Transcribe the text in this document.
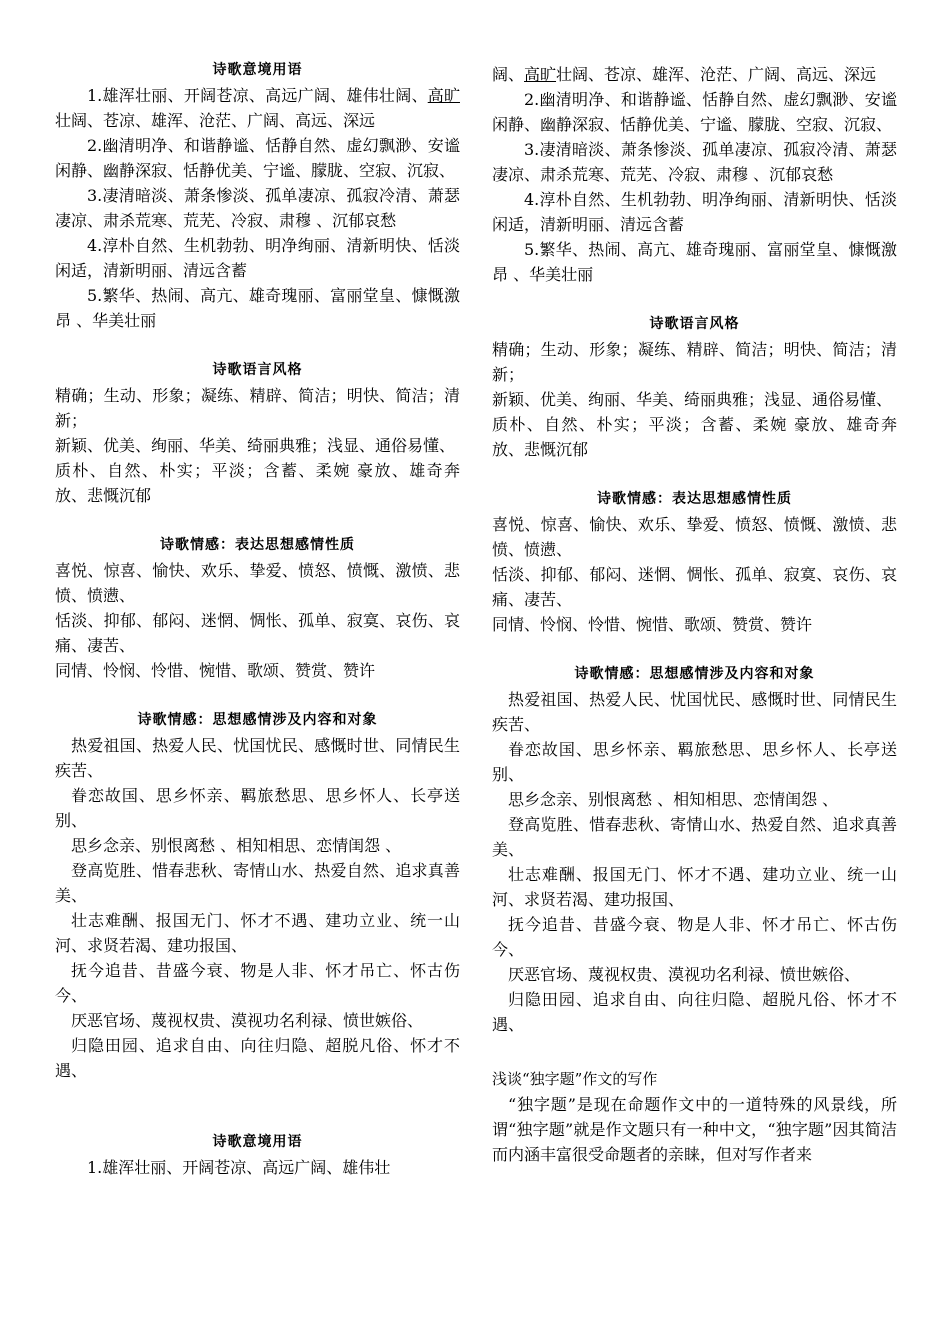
诗歌意境用语

1.雄浑壮丽、开阔苍凉、高远广阔、雄伟壮阔、高旷壮阔、苍凉、雄浑、沧茫、广阔、高远、深远

2.幽清明净、和谐静谧、恬静自然、虚幻飘渺、安谧闲静、幽静深寂、恬静优美、宁谧、朦胧、空寂、沉寂、

3.凄清暗淡、萧条惨淡、孤单凄凉、孤寂冷清、萧瑟凄凉、肃杀荒寒、荒芜、冷寂、肃穆 、沉郁哀愁

4.淳朴自然、生机勃勃、明净绚丽、清新明快、恬淡闲适，清新明丽、清远含蓄

5.繁华、热闹、高亢、雄奇瑰丽、富丽堂皇、慷慨激昂 、华美壮丽

诗歌语言风格

精确；生动、形象；凝练、精辟、简洁；明快、简洁；清新；

新颖、优美、绚丽、华美、绮丽典雅；浅显、通俗易懂、

质朴、自然、朴实；平淡；含蓄、柔婉 豪放、雄奇奔放、悲慨沉郁

诗歌情感：表达思想感情性质

喜悦、惊喜、愉快、欢乐、挚爱、愤怒、愤慨、激愤、悲愤、愤懑、

恬淡、抑郁、郁闷、迷惘、惆怅、孤单、寂寞、哀伤、哀痛、凄苦、

同情、怜悯、怜惜、惋惜、歌颂、赞赏、赞许

诗歌情感：思想感情涉及内容和对象

热爱祖国、热爱人民、忧国忧民、感慨时世、同情民生疾苦、

眷恋故国、思乡怀亲、羁旅愁思、思乡怀人、长亭送别、

思乡念亲、别恨离愁 、相知相思、恋情闺怨 、

登高览胜、惜春悲秋、寄情山水、热爱自然、追求真善美、

壮志难酬、报国无门、怀才不遇、建功立业、统一山河、求贤若渴、建功报国、

抚今追昔、昔盛今衰、物是人非、怀才吊亡、怀古伤今、

厌恶官场、蔑视权贵、漠视功名利禄、愤世嫉俗、

归隐田园、追求自由、向往归隐、超脱凡俗、怀才不遇、

诗歌意境用语

1.雄浑壮丽、开阔苍凉、高远广阔、雄伟壮

阔、高旷壮阔、苍凉、雄浑、沧茫、广阔、高远、深远

2.幽清明净、和谐静谧、恬静自然、虚幻飘渺、安谧闲静、幽静深寂、恬静优美、宁谧、朦胧、空寂、沉寂、

3.凄清暗淡、萧条惨淡、孤单凄凉、孤寂冷清、萧瑟凄凉、肃杀荒寒、荒芜、冷寂、肃穆 、沉郁哀愁

4.淳朴自然、生机勃勃、明净绚丽、清新明快、恬淡闲适，清新明丽、清远含蓄

5.繁华、热闹、高亢、雄奇瑰丽、富丽堂皇、慷慨激昂 、华美壮丽

诗歌语言风格

精确；生动、形象；凝练、精辟、简洁；明快、简洁；清新；

新颖、优美、绚丽、华美、绮丽典雅；浅显、通俗易懂、

质朴、自然、朴实；平淡；含蓄、柔婉 豪放、雄奇奔放、悲慨沉郁

诗歌情感：表达思想感情性质

喜悦、惊喜、愉快、欢乐、挚爱、愤怒、愤慨、激愤、悲愤、愤懑、

恬淡、抑郁、郁闷、迷惘、惆怅、孤单、寂寞、哀伤、哀痛、凄苦、

同情、怜悯、怜惜、惋惜、歌颂、赞赏、赞许

诗歌情感：思想感情涉及内容和对象

热爱祖国、热爱人民、忧国忧民、感慨时世、同情民生疾苦、

眷恋故国、思乡怀亲、羁旅愁思、思乡怀人、长亭送别、

思乡念亲、别恨离愁 、相知相思、恋情闺怨 、

登高览胜、惜春悲秋、寄情山水、热爱自然、追求真善美、

壮志难酬、报国无门、怀才不遇、建功立业、统一山河、求贤若渴、建功报国、

抚今追昔、昔盛今衰、物是人非、怀才吊亡、怀古伤今、

厌恶官场、蔑视权贵、漠视功名利禄、愤世嫉俗、

归隐田园、追求自由、向往归隐、超脱凡俗、怀才不遇、

浅谈“独字题”作文的写作

“独字题”是现在命题作文中的一道特殊的风景线，所谓“独字题”就是作文题只有一种中文，“独字题”因其简洁而内涵丰富很受命题者的亲睐，但对写作者来
